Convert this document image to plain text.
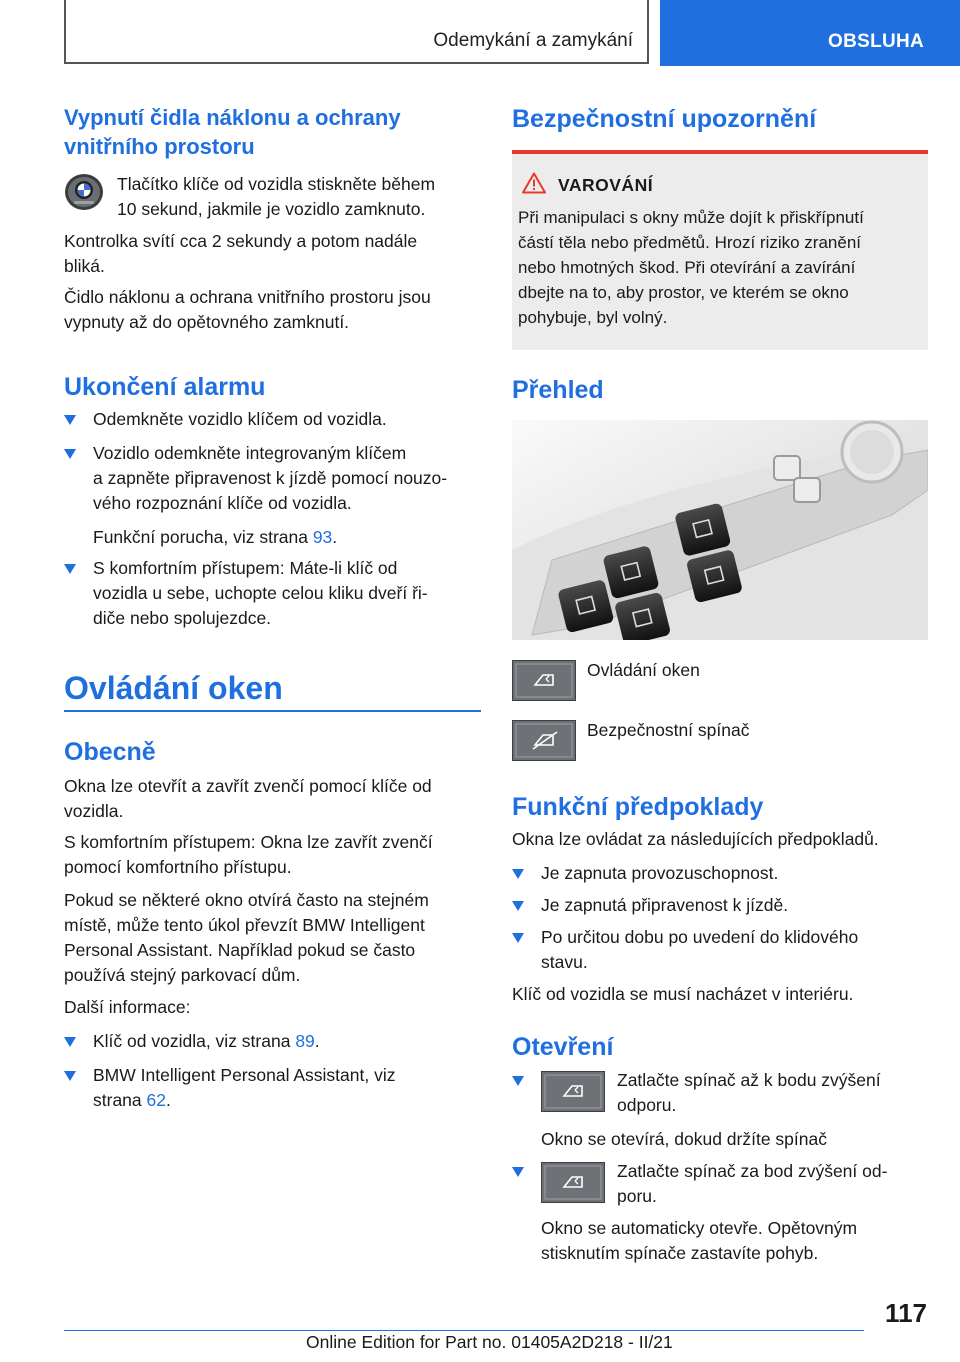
Odemykání a zamykání	OBSLUHA
Vypnutí čidla náklonu a ochrany
vnitřního prostoru
Tlačítko klíče od vozidla stiskněte během
10 sekund, jakmile je vozidlo zamknuto.
Kontrolka svítí cca 2 sekundy a potom nadále
bliká.
Čidlo náklonu a ochrana vnitřního prostoru jsou
vypnuty až do opětovného zamknutí.
Ukončení alarmu
Odemkněte vozidlo klíčem od vozidla.
Vozidlo odemkněte integrovaným klíčem
a zapněte připravenost k jízdě pomocí nouzo‐
vého rozpoznání klíče od vozidla.
Funkční porucha, viz strana 93.
S komfortním přístupem: Máte-li klíč od
vozidla u sebe, uchopte celou kliku dveří ři‐
diče nebo spolujezdce.
Ovládání oken
Obecně
Okna lze otevřít a zavřít zvenčí pomocí klíče od
vozidla.
S komfortním přístupem: Okna lze zavřít zvenčí
pomocí komfortního přístupu.
Pokud se některé okno otvírá často na stejném
místě, může tento úkol převzít BMW Intelligent
Personal Assistant. Například pokud se často
používá stejný parkovací dům.
Další informace:
Klíč od vozidla, viz strana 89.
BMW Intelligent Personal Assistant, viz
strana 62.
Bezpečnostní upozornění
VAROVÁNÍ
Při manipulaci s okny může dojít k přiskřípnutí
částí těla nebo předmětů. Hrozí riziko zranění
nebo hmotných škod. Při otevírání a zavírání
dbejte na to, aby prostor, ve kterém se okno
pohybuje, byl volný.
Přehled
Ovládání oken
Bezpečnostní spínač
Funkční předpoklady
Okna lze ovládat za následujících předpokladů.
Je zapnuta provozuschopnost.
Je zapnutá připravenost k jízdě.
Po určitou dobu po uvedení do klidového
stavu.
Klíč od vozidla se musí nacházet v interiéru.
Otevření
Zatlačte spínač až k bodu zvýšení
odporu.
Okno se otevírá, dokud držíte spínač
Zatlačte spínač za bod zvýšení od‐
poru.
Okno se automaticky otevře. Opětovným
stisknutím spínače zastavíte pohyb.
117
Online Edition for Part no. 01405A2D218 - II/21
